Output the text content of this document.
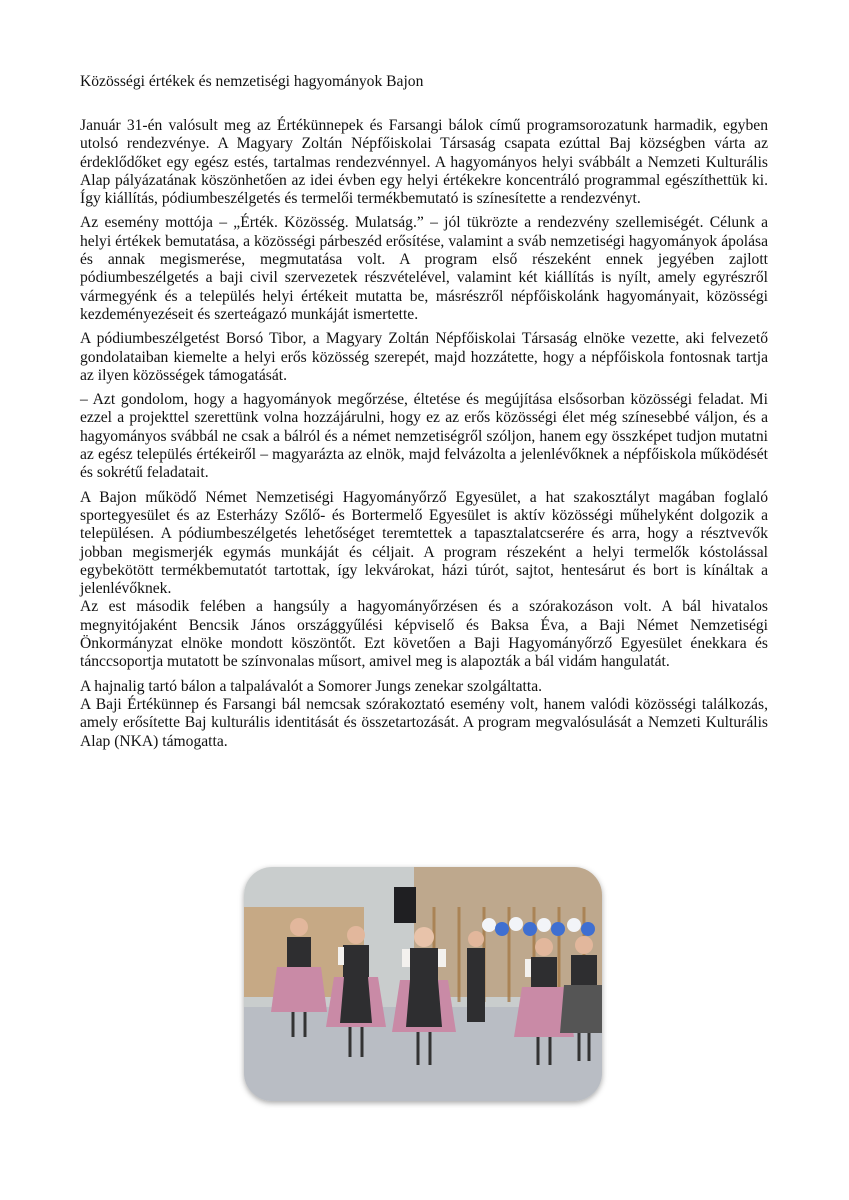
Közösségi értékek és nemzetiségi hagyományok Bajon

Január 31-én valósult meg az Értékünnepek és Farsangi bálok című programsorozatunk harmadik, egyben utolsó rendezvénye. A Magyary Zoltán Népfőiskolai Társaság csapata ezúttal Baj községben várta az érdeklődőket egy egész estés, tartalmas rendezvénnyel. A hagyományos helyi svábbált a Nemzeti Kulturális Alap pályázatának köszönhetően az idei évben egy helyi értékekre koncentráló programmal egészíthettük ki. Így kiállítás, pódiumbeszélgetés és termelői termékbemutató is színesítette a rendezvényt.

Az esemény mottója – „Érték. Közösség. Mulatság.” – jól tükrözte a rendezvény szellemiségét. Célunk a helyi értékek bemutatása, a közösségi párbeszéd erősítése, valamint a sváb nemzetiségi hagyományok ápolása és annak megismerése, megmutatása volt. A program első részeként ennek jegyében zajlott pódiumbeszélgetés a baji civil szervezetek részvételével, valamint két kiállítás is nyílt, amely egyrészről vármegyénk és a település helyi értékeit mutatta be, másrészről népfőiskolánk hagyományait, közösségi kezdeményezéseit és szerteágazó munkáját ismertette.

A pódiumbeszélgetést Borsó Tibor, a Magyary Zoltán Népfőiskolai Társaság elnöke vezette, aki felvezető gondolataiban kiemelte a helyi erős közösség szerepét, majd hozzátette, hogy a népfőiskola fontosnak tartja az ilyen közösségek támogatását.

– Azt gondolom, hogy a hagyományok megőrzése, éltetése és megújítása elsősorban közösségi feladat. Mi ezzel a projekttel szerettünk volna hozzájárulni, hogy ez az erős közösségi élet még színesebbé váljon, és a hagyományos svábbál ne csak a bálról és a német nemzetiségről szóljon, hanem egy összképet tudjon mutatni az egész település értékeiről – magyarázta az elnök, majd felvázolta a jelenlévőknek a népfőiskola működését és sokrétű feladatait.

A Bajon működő Német Nemzetiségi Hagyományőrző Egyesület, a hat szakosztályt magában foglaló sportegyesület és az Esterházy Szőlő- és Bortermelő Egyesület is aktív közösségi műhelyként dolgozik a településen. A pódiumbeszélgetés lehetőséget teremtettek a tapasztalatcserére és arra, hogy a résztvevők jobban megismerjék egymás munkáját és céljait. A program részeként a helyi termelők kóstolással egybekötött termékbemutatót tartottak, így lekvárokat, házi túrót, sajtot, hentesárut és bort is kínáltak a jelenlévőknek.

Az est második felében a hangsúly a hagyományőrzésen és a szórakozáson volt. A bál hivatalos megnyitójaként Bencsik János országgyűlési képviselő és Baksa Éva, a Baji Német Nemzetiségi Önkormányzat elnöke mondott köszöntőt. Ezt követően a Baji Hagyományőrző Egyesület énekkara és tánccsoportja mutatott be színvonalas műsort, amivel meg is alapozták a bál vidám hangulatát.

A hajnalig tartó bálon a talpalávalót a Somorer Jungs zenekar szolgáltatta.

A Baji Értékünnep és Farsangi bál nemcsak szórakoztató esemény volt, hanem valódi közösségi találkozás, amely erősítette Baj kulturális identitását és összetartozását. A program megvalósulását a Nemzeti Kulturális Alap (NKA) támogatta.
